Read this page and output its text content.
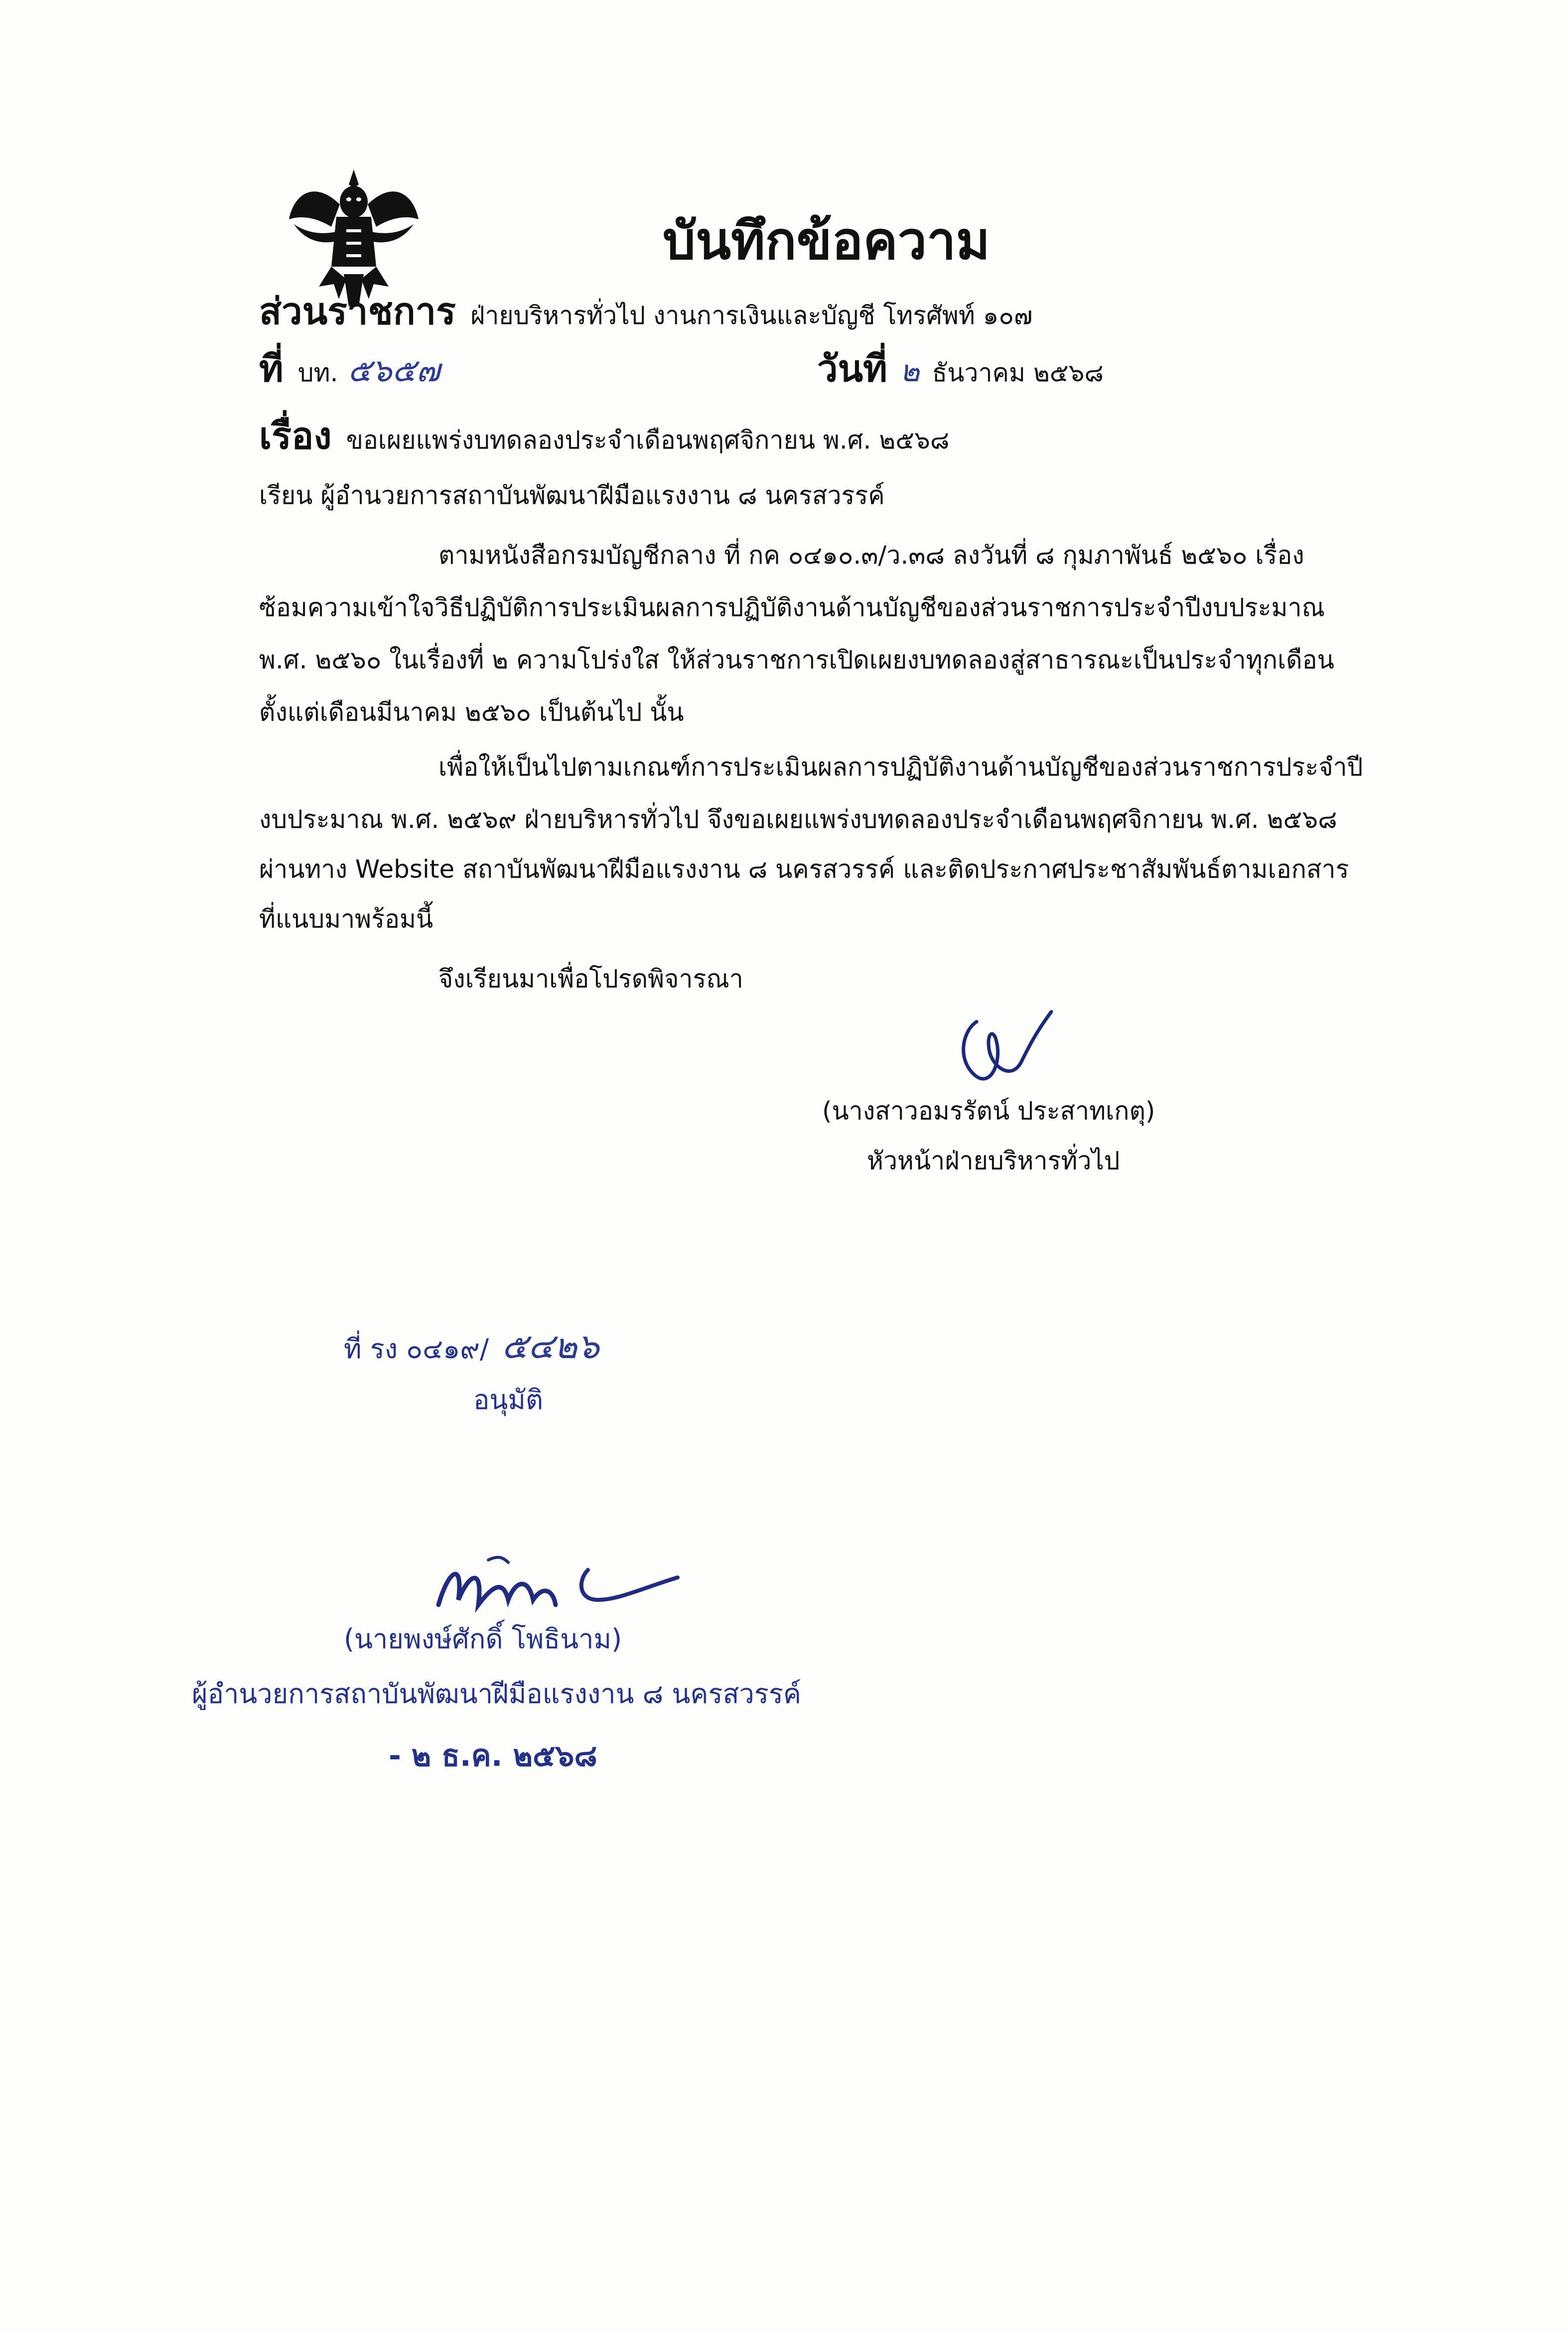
บันทึกข้อความ
ส่วนราชการ ฝ่ายบริหารทั่วไป งานการเงินและบัญชี โทรศัพท์ ๑๐๗
ที่ บท. ๕๖๕๗	วันที่ ๒ ธันวาคม ๒๕๖๘
เรื่อง ขอเผยแพร่งบทดลองประจำเดือนพฤศจิกายน พ.ศ. ๒๕๖๘
เรียน ผู้อำนวยการสถาบันพัฒนาฝีมือแรงงาน ๘ นครสวรรค์
ตามหนังสือกรมบัญชีกลาง ที่ กค ๐๔๑๐.๓/ว.๓๘ ลงวันที่ ๘ กุมภาพันธ์ ๒๕๖๐ เรื่อง
ซ้อมความเข้าใจวิธีปฏิบัติการประเมินผลการปฏิบัติงานด้านบัญชีของส่วนราชการประจำปีงบประมาณ
พ.ศ. ๒๕๖๐ ในเรื่องที่ ๒ ความโปร่งใส ให้ส่วนราชการเปิดเผยงบทดลองสู่สาธารณะเป็นประจำทุกเดือน
ตั้งแต่เดือนมีนาคม ๒๕๖๐ เป็นต้นไป นั้น
เพื่อให้เป็นไปตามเกณฑ์การประเมินผลการปฏิบัติงานด้านบัญชีของส่วนราชการประจำปี
งบประมาณ พ.ศ. ๒๕๖๙ ฝ่ายบริหารทั่วไป จึงขอเผยแพร่งบทดลองประจำเดือนพฤศจิกายน พ.ศ. ๒๕๖๘
ผ่านทาง Website สถาบันพัฒนาฝีมือแรงงาน ๘ นครสวรรค์ และติดประกาศประชาสัมพันธ์ตามเอกสาร
ที่แนบมาพร้อมนี้
จึงเรียนมาเพื่อโปรดพิจารณา
(นางสาวอมรรัตน์ ประสาทเกตุ)
หัวหน้าฝ่ายบริหารทั่วไป
ที่ รง ๐๔๑๙/ ๕๔๒๖
อนุมัติ
(นายพงษ์ศักดิ์ โพธินาม)
ผู้อำนวยการสถาบันพัฒนาฝีมือแรงงาน ๘ นครสวรรค์
- ๒ ธ.ค. ๒๕๖๘
